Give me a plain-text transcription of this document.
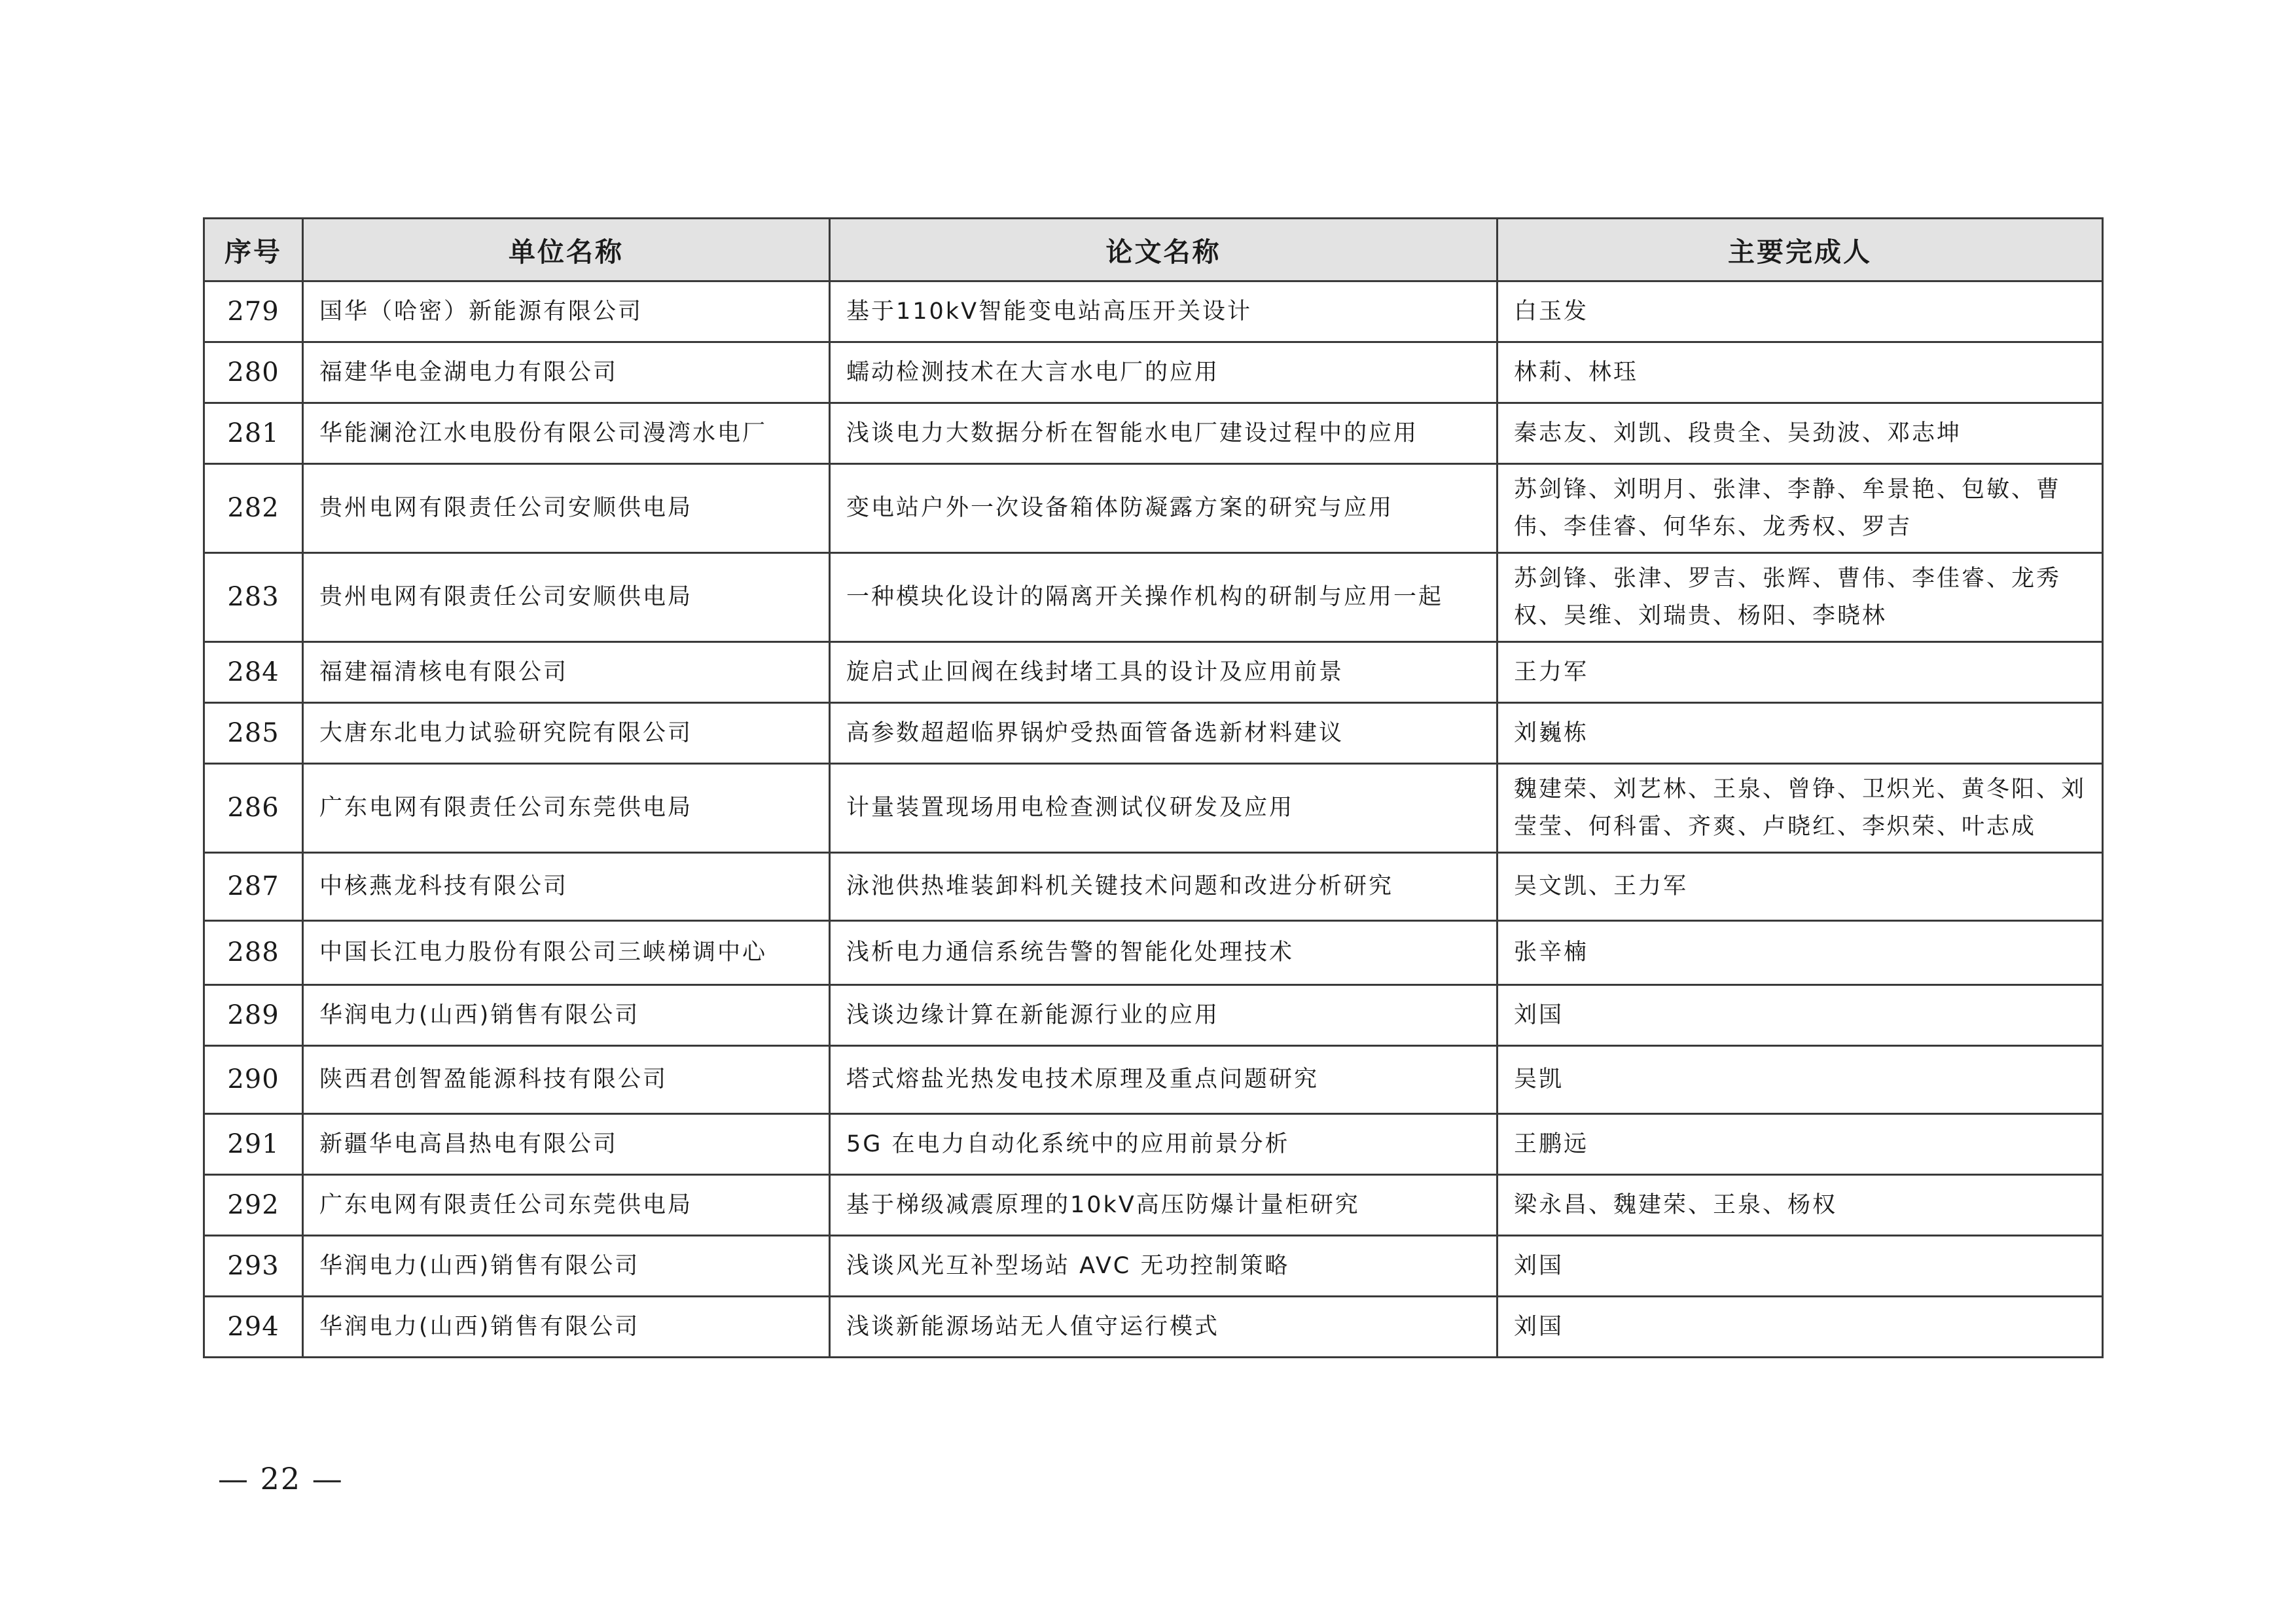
序号	单位名称	论文名称	主要完成人
279	国华（哈密）新能源有限公司	基于110kV智能变电站高压开关设计	白玉发
280	福建华电金湖电力有限公司	蠕动检测技术在大言水电厂的应用	林莉、林珏
281	华能澜沧江水电股份有限公司漫湾水电厂	浅谈电力大数据分析在智能水电厂建设过程中的应用	秦志友、刘凯、段贵全、吴劲波、邓志坤
282	贵州电网有限责任公司安顺供电局	变电站户外一次设备箱体防凝露方案的研究与应用	苏剑锋、刘明月、张津、李静、牟景艳、包敏、曹伟、李佳睿、何华东、龙秀权、罗吉
283	贵州电网有限责任公司安顺供电局	一种模块化设计的隔离开关操作机构的研制与应用一起	苏剑锋、张津、罗吉、张辉、曹伟、李佳睿、龙秀权、吴维、刘瑞贵、杨阳、李晓林
284	福建福清核电有限公司	旋启式止回阀在线封堵工具的设计及应用前景	王力军
285	大唐东北电力试验研究院有限公司	高参数超超临界锅炉受热面管备选新材料建议	刘巍栋
286	广东电网有限责任公司东莞供电局	计量装置现场用电检查测试仪研发及应用	魏建荣、刘艺林、王泉、曾铮、卫炽光、黄冬阳、刘莹莹、何科雷、齐爽、卢晓红、李炽荣、叶志成
287	中核燕龙科技有限公司	泳池供热堆装卸料机关键技术问题和改进分析研究	吴文凯、王力军
288	中国长江电力股份有限公司三峡梯调中心	浅析电力通信系统告警的智能化处理技术	张辛楠
289	华润电力(山西)销售有限公司	浅谈边缘计算在新能源行业的应用	刘国
290	陕西君创智盈能源科技有限公司	塔式熔盐光热发电技术原理及重点问题研究	吴凯
291	新疆华电高昌热电有限公司	5G 在电力自动化系统中的应用前景分析	王鹏远
292	广东电网有限责任公司东莞供电局	基于梯级减震原理的10kV高压防爆计量柜研究	梁永昌、魏建荣、王泉、杨权
293	华润电力(山西)销售有限公司	浅谈风光互补型场站 AVC 无功控制策略	刘国
294	华润电力(山西)销售有限公司	浅谈新能源场站无人值守运行模式	刘国
— 22 —
